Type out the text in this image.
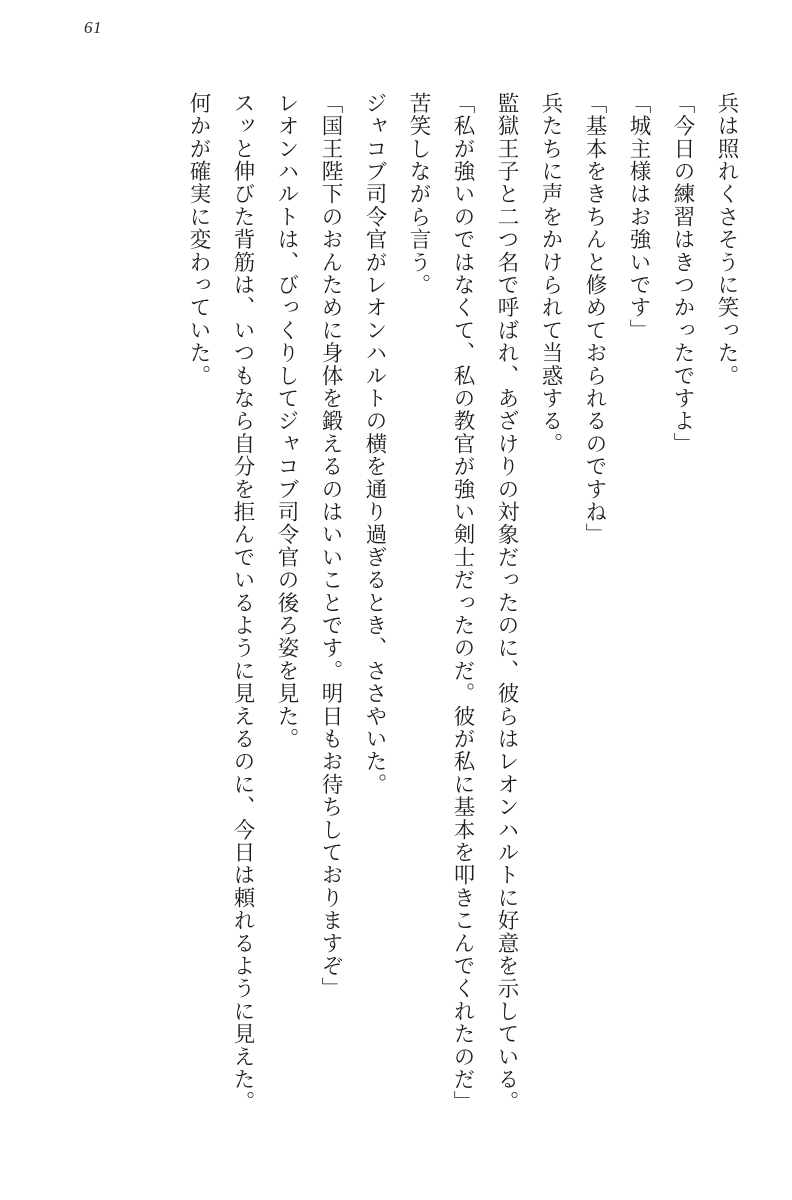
61

兵は照れくさそうに笑った。

「今日の練習はきつかったですよ」

「城主様はお強いです」

「基本をきちんと修めておられるのですね」

兵たちに声をかけられて当惑する。

監獄王子と二つ名で呼ばれ、あざけりの対象だったのに、彼らはレオンハルトに好意を示している。

「私が強いのではなくて、私の教官が強い剣士だったのだ。彼が私に基本を叩きこんでくれたのだ」

苦笑しながら言う。

ジャコブ司令官がレオンハルトの横を通り過ぎるとき、ささやいた。

「国王陛下のおんために身体を鍛えるのはいいことです。明日もお待ちしておりますぞ」

レオンハルトは、びっくりしてジャコブ司令官の後ろ姿を見た。

スッと伸びた背筋は、いつもなら自分を拒んでいるように見えるのに、今日は頼れるように見えた。

何かが確実に変わっていた。
